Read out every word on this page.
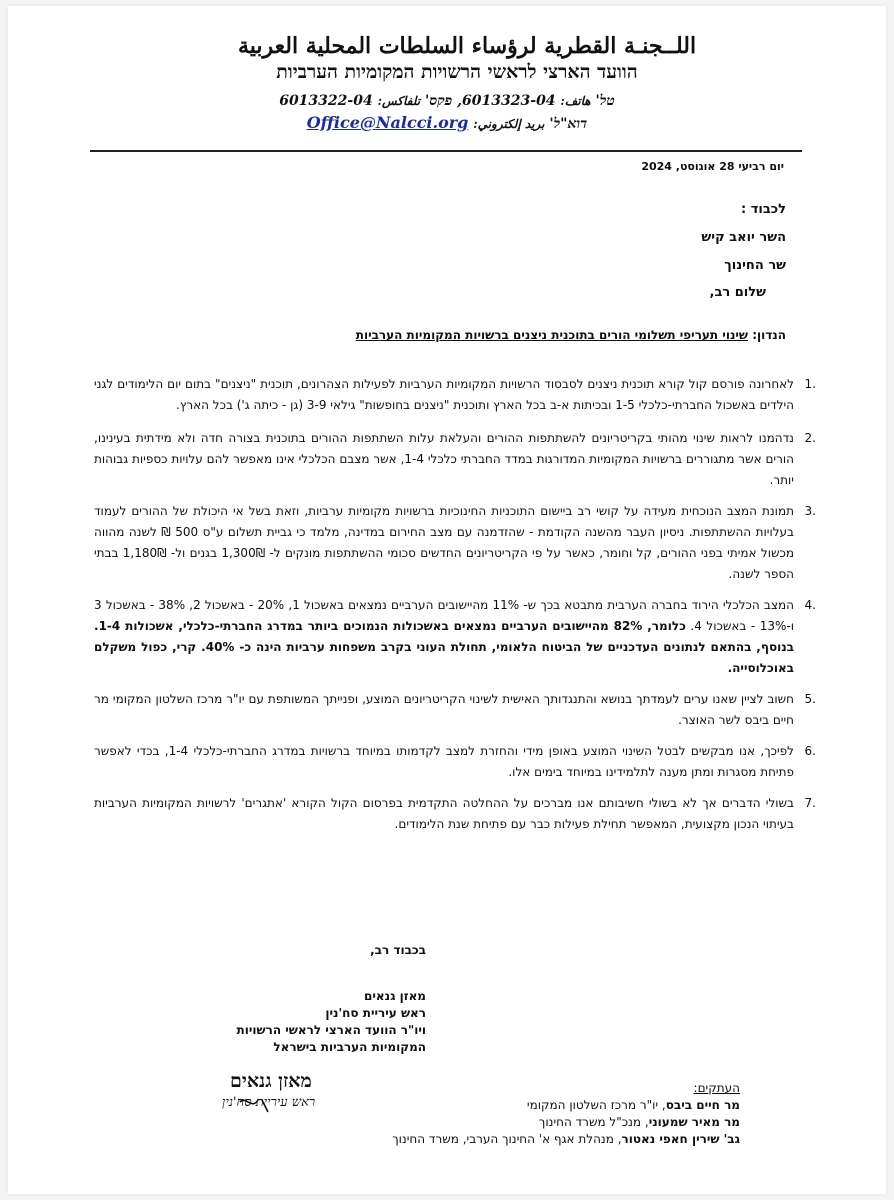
اللــجنـة القطرية لرؤساء السلطات المحلية العربية
הוועד הארצי לראשי הרשויות המקומיות הערביות
טל' هاتف: 04-6013323, פקס' تلفاكس: 04-6013322
דוא"ל' بريد إلكتروني: Office@Nalcci.org
יום רביעי 28 אוגוסט, 2024
לכבוד :
השר יואב קיש
שר החינוך
שלום רב,
הנדון: שינוי תעריפי תשלומי הורים בתוכנית ניצנים ברשויות המקומיות הערביות
.1
לאחרונה פורסם קול קורא תוכנית ניצנים לסבסוד הרשויות המקומיות הערביות לפעילות הצהרונים, תוכנית "ניצנים" בתום יום הלימודים לגני הילדים באשכול החברתי-כלכלי 1-5 ובכיתות א-ב בכל הארץ ותוכנית "ניצנים בחופשות" גילאי 3-9 (גן - כיתה ג') בכל הארץ.
.2
נדהמנו לראות שינוי מהותי בקריטריונים להשתתפות ההורים והעלאת עלות השתתפות ההורים בתוכנית בצורה חדה ולא מידתית בעינינו, הורים אשר מתגוררים ברשויות המקומיות המדורגות במדד החברתי כלכלי 1-4, אשר מצבם הכלכלי אינו מאפשר להם עלויות כספיות גבוהות יותר.
.3
תמונת המצב הנוכחית מעידה על קושי רב ביישום התוכניות החינוכיות ברשויות מקומיות ערביות, וזאת בשל אי היכולת של ההורים לעמוד בעלויות ההשתתפות. ניסיון העבר מהשנה הקודמת - שהזדמנה עם מצב החירום במדינה, מלמד כי גביית תשלום ע"ס 500 ₪ לשנה מהווה מכשול אמיתי בפני ההורים, קל וחומר, כאשר על פי הקריטריונים החדשים סכומי ההשתתפות מונקים ל- 1,300₪ בגנים ול- 1,180₪ בבתי הספר לשנה.
.4
המצב הכלכלי הירוד בחברה הערבית מתבטא בכך ש- 11% מהיישובים הערביים נמצאים באשכול 1, 20% - באשכול 2, 38% - באשכול 3 ו-13% - באשכול 4. כלומר, 82% מהיישובים הערביים נמצאים באשכולות הנמוכים ביותר במדרג החברתי-כלכלי, אשכולות 1-4. בנוסף, בהתאם לנתונים העדכניים של הביטוח הלאומי, תחולת העוני בקרב משפחות ערביות הינה כ- 40%. קרי, כפול משקלם באוכלוסייה.
.5
חשוב לציין שאנו ערים לעמדתך בנושא והתנגדותך האישית לשינוי הקריטריונים המוצע, ופנייתך המשותפת עם יו"ר מרכז השלטון המקומי מר חיים ביבס לשר האוצר.
.6
לפיכך, אנו מבקשים לבטל השינוי המוצע באופן מידי והחזרת למצב לקדמותו במיוחד ברשויות במדרג החברתי-כלכלי 1-4, בכדי לאפשר פתיחת מסגרות ומתן מענה לתלמידינו במיוחד בימים אלו.
.7
בשולי הדברים אך לא בשולי חשיבותם אנו מברכים על ההחלטה התקדמית בפרסום הקול הקורא 'אתגרים' לרשויות המקומיות הערביות בעיתוי הנכון מקצועית, המאפשר תחילת פעילות כבר עם פתיחת שנת הלימודים.
בכבוד רב,
מאזן גנאים
ראש עיריית סח'נין
ויו"ר הוועד הארצי לראשי הרשויות
המקומיות הערביות בישראל
מאזן גנאים
ראש עיריית סח'נין
העתקים:
מר חיים ביבס, יו"ר מרכז השלטון המקומי
מר מאיר שמעוני, מנכ"ל משרד החינוך
גב' שירין חאפי נאטור, מנהלת אגף א' החינוך הערבי, משרד החינוך
